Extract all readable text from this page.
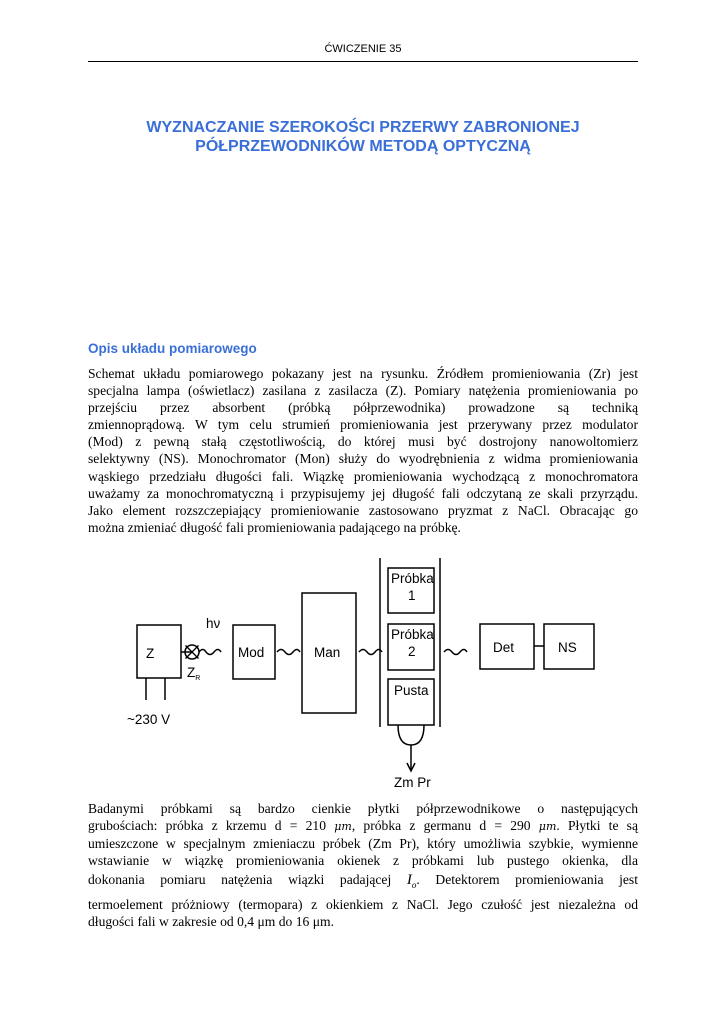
ĆWICZENIE 35
WYZNACZANIE SZEROKOŚCI PRZERWY ZABRONIONEJ
PÓŁPRZEWODNIKÓW METODĄ OPTYCZNĄ
Opis układu pomiarowego
Schemat układu pomiarowego pokazany jest na rysunku. Źródłem promieniowania (Zr) jest
specjalna lampa (oświetlacz) zasilana z zasilacza (Z). Pomiary natężenia promieniowania po
przejściu przez absorbent (próbką półprzewodnika) prowadzone są techniką
zmiennoprądową. W tym celu strumień promieniowania jest przerywany przez modulator
(Mod) z pewną stałą częstotliwością, do której musi być dostrojony nanowoltomierz
selektywny (NS). Monochromator (Mon) służy do wyodrębnienia z widma promieniowania
wąskiego przedziału długości fali. Wiązkę promieniowania wychodzącą z monochromatora
uważamy za monochromatyczną i przypisujemy jej długość fali odczytaną ze skali przyrządu.
Jako element rozszczepiający promieniowanie zastosowano pryzmat z NaCl. Obracając go
można zmieniać długość fali promieniowania padającego na próbkę.
Z
hν
$Z_R$
~230 V
Mod	Man
Próbka
1
Próbka
2
Pusta
Det	NS
Zm Pr
Badanymi próbkami są bardzo cienkie płytki półprzewodnikowe o następujących
grubościach: próbka z krzemu d = 210 μm, próbka z germanu d = 290 μm. Płytki te są
umieszczone w specjalnym zmieniaczu próbek (Zm Pr), który umożliwia szybkie, wymienne
wstawianie w wiązkę promieniowania okienek z próbkami lub pustego okienka, dla
dokonania pomiaru natężenia wiązki padającej $I_o$. Detektorem promieniowania jest
termoelement próżniowy (termopara) z okienkiem z NaCl. Jego czułość jest niezależna od
długości fali w zakresie od 0,4 μm do 16 μm.
